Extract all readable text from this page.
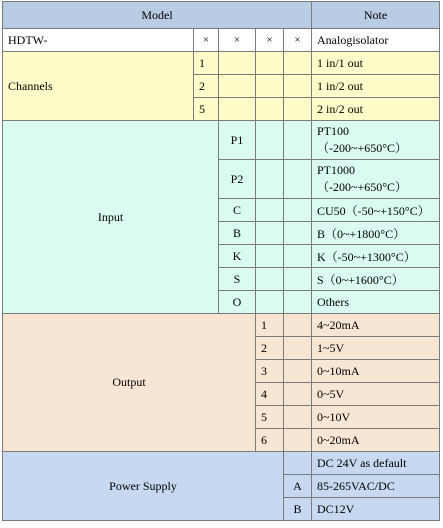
Model					Note
HDTW-	×	×	×	×	Analogisolator
Channels	1				1 in/1 out
	2				1 in/2 out
	5				2 in/2 out
Input		P1			PT100
（-200~+650°C）

		P2			PT1000
（-200~+650°C）

		C			CU50（-50~+150°C）
		B			B（0~+1800°C）
		K			K（-50~+1300°C）
		S			S（0~+1600°C）
		O			Others
Output			1		4~20mA
			2		1~5V
			3		0~10mA
			4		0~5V
			5		0~10V
			6		0~20mA
Power Supply					DC 24V as default
				A	85-265VAC/DC
				B	DC12V
